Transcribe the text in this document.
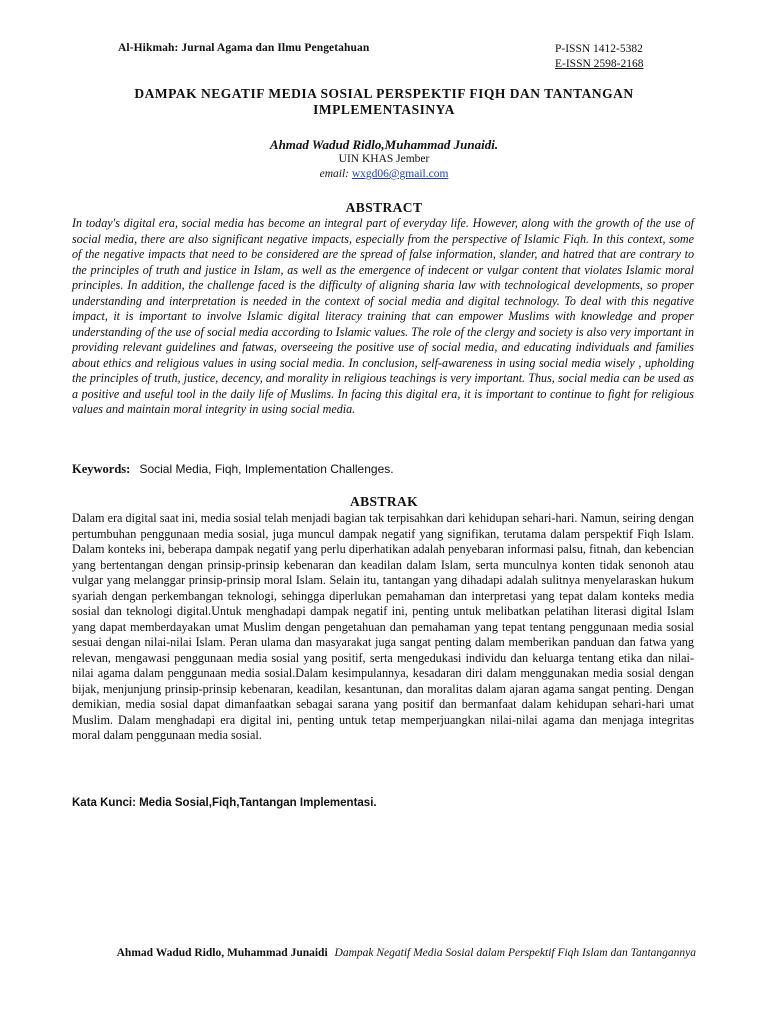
Al-Hikmah: Jurnal Agama dan Ilmu Pengetahuan	P-ISSN 1412-5382
E-ISSN 2598-2168
DAMPAK NEGATIF MEDIA SOSIAL PERSPEKTIF FIQH DAN TANTANGAN IMPLEMENTASINYA
Ahmad Wadud Ridlo,Muhammad Junaidi.
UIN KHAS Jember
email: wxgd06@gmail.com
ABSTRACT

In today's digital era, social media has become an integral part of everyday life. However, along with the growth of the use of social media, there are also significant negative impacts, especially from the perspective of Islamic Fiqh. In this context, some of the negative impacts that need to be considered are the spread of false information, slander, and hatred that are contrary to the principles of truth and justice in Islam, as well as the emergence of indecent or vulgar content that violates Islamic moral principles. In addition, the challenge faced is the difficulty of aligning sharia law with technological developments, so proper understanding and interpretation is needed in the context of social media and digital technology. To deal with this negative impact, it is important to involve Islamic digital literacy training that can empower Muslims with knowledge and proper understanding of the use of social media according to Islamic values. The role of the clergy and society is also very important in providing relevant guidelines and fatwas, overseeing the positive use of social media, and educating individuals and families about ethics and religious values in using social media. In conclusion, self-awareness in using social media wisely , upholding the principles of truth, justice, decency, and morality in religious teachings is very important. Thus, social media can be used as a positive and useful tool in the daily life of Muslims. In facing this digital era, it is important to continue to fight for religious values and maintain moral integrity in using social media.

Keywords: Social Media, Fiqh, Implementation Challenges.
ABSTRAK

Dalam era digital saat ini, media sosial telah menjadi bagian tak terpisahkan dari kehidupan sehari-hari. Namun, seiring dengan pertumbuhan penggunaan media sosial, juga muncul dampak negatif yang signifikan, terutama dalam perspektif Fiqh Islam. Dalam konteks ini, beberapa dampak negatif yang perlu diperhatikan adalah penyebaran informasi palsu, fitnah, dan kebencian yang bertentangan dengan prinsip-prinsip kebenaran dan keadilan dalam Islam, serta munculnya konten tidak senonoh atau vulgar yang melanggar prinsip-prinsip moral Islam. Selain itu, tantangan yang dihadapi adalah sulitnya menyelaraskan hukum syariah dengan perkembangan teknologi, sehingga diperlukan pemahaman dan interpretasi yang tepat dalam konteks media sosial dan teknologi digital.Untuk menghadapi dampak negatif ini, penting untuk melibatkan pelatihan literasi digital Islam yang dapat memberdayakan umat Muslim dengan pengetahuan dan pemahaman yang tepat tentang penggunaan media sosial sesuai dengan nilai-nilai Islam. Peran ulama dan masyarakat juga sangat penting dalam memberikan panduan dan fatwa yang relevan, mengawasi penggunaan media sosial yang positif, serta mengedukasi individu dan keluarga tentang etika dan nilai-nilai agama dalam penggunaan media sosial.Dalam kesimpulannya, kesadaran diri dalam menggunakan media sosial dengan bijak, menjunjung prinsip-prinsip kebenaran, keadilan, kesantunan, dan moralitas dalam ajaran agama sangat penting. Dengan demikian, media sosial dapat dimanfaatkan sebagai sarana yang positif dan bermanfaat dalam kehidupan sehari-hari umat Muslim. Dalam menghadapi era digital ini, penting untuk tetap memperjuangkan nilai-nilai agama dan menjaga integritas moral dalam penggunaan media sosial.

Kata Kunci: Media Sosial,Fiqh,Tantangan Implementasi.
Ahmad Wadud Ridlo, Muhammad Junaidi Dampak Negatif Media Sosial dalam Perspektif Fiqh Islam dan Tantangannya
